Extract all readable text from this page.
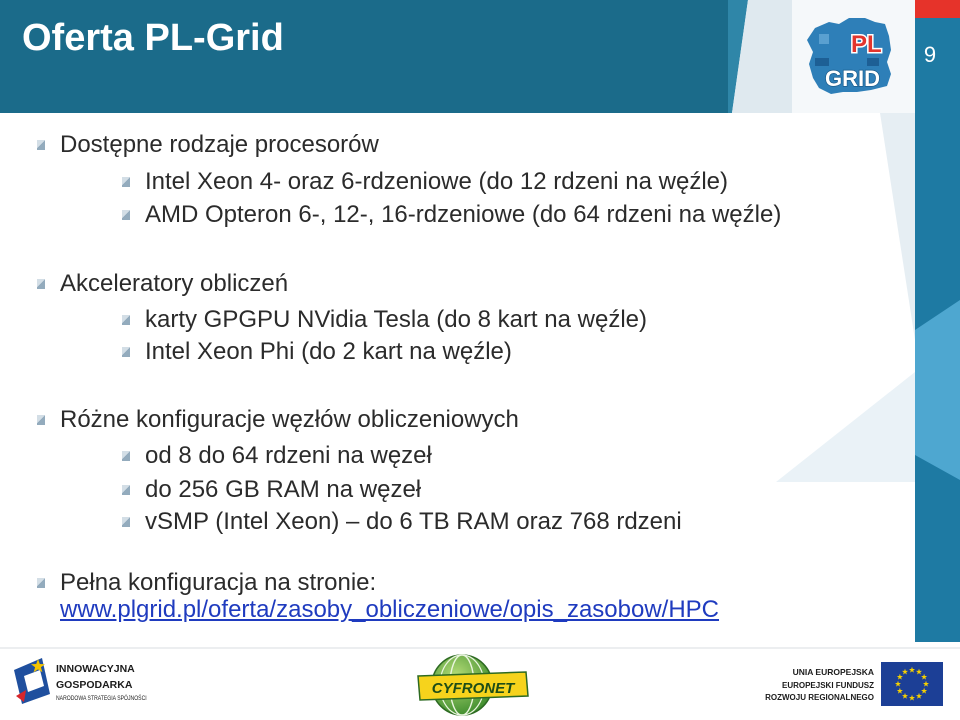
Oferta PL-Grid	9
PL
GRID
Dostępne rodzaje procesorów
Intel Xeon 4- oraz 6-rdzeniowe (do 12 rdzeni na węźle)
AMD Opteron 6-, 12-, 16-rdzeniowe (do 64 rdzeni na węźle)
Akceleratory obliczeń
karty GPGPU NVidia Tesla (do 8 kart na węźle)
Intel Xeon Phi (do 2 kart na węźle)
Różne konfiguracje węzłów obliczeniowych
od 8 do 64 rdzeni na węzeł
do 256 GB RAM na węzeł
vSMP (Intel Xeon) – do 6 TB RAM oraz 768 rdzeni
Pełna konfiguracja na stronie:
www.plgrid.pl/oferta/zasoby_obliczeniowe/opis_zasobow/HPC
INNOWACYJNA
GOSPODARKA
NARODOWA STRATEGIA SPÓJNOŚCI
CYFRONET
UNIA EUROPEJSKA
EUROPEJSKI FUNDUSZ
ROZWOJU REGIONALNEGO
